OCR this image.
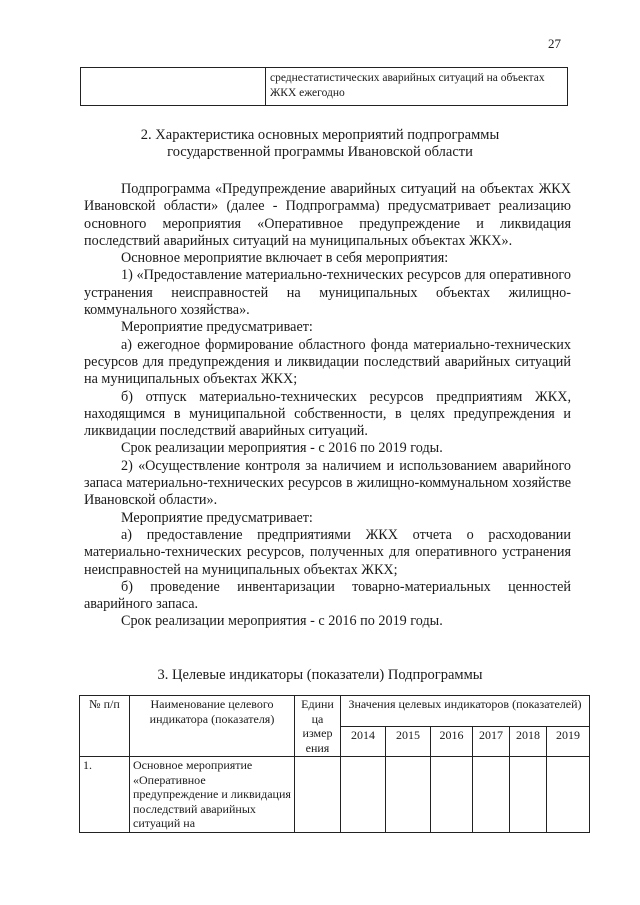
27
среднестатистических аварийных ситуаций на объектах ЖКХ ежегодно
2. Характеристика основных мероприятий подпрограммы
государственной программы Ивановской области

Подпрограмма «Предупреждение аварийных ситуаций на объектах ЖКХ Ивановской области» (далее - Подпрограмма) предусматривает реализацию основного мероприятия «Оперативное предупреждение и ликвидация последствий аварийных ситуаций на муниципальных объектах ЖКХ».

Основное мероприятие включает в себя мероприятия:

1) «Предоставление материально-технических ресурсов для оперативного устранения неисправностей на муниципальных объектах жилищно-коммунального хозяйства».

Мероприятие предусматривает:

а) ежегодное формирование областного фонда материально-технических ресурсов для предупреждения и ликвидации последствий аварийных ситуаций на муниципальных объектах ЖКХ;

б) отпуск материально-технических ресурсов предприятиям ЖКХ, находящимся в муниципальной собственности, в целях предупреждения и ликвидации последствий аварийных ситуаций.

Срок реализации мероприятия - с 2016 по 2019 годы.

2) «Осуществление контроля за наличием и использованием аварийного запаса материально-технических ресурсов в жилищно-коммунальном хозяйстве Ивановской области».

Мероприятие предусматривает:

а) предоставление предприятиями ЖКХ отчета о расходовании материально-технических ресурсов, полученных для оперативного устранения неисправностей на муниципальных объектах ЖКХ;

б) проведение инвентаризации товарно-материальных ценностей аварийного запаса.

Срок реализации мероприятия - с 2016 по 2019 годы.

3. Целевые индикаторы (показатели) Подпрограммы
№ п/п	Наименование целевого индикатора (показателя)	Едини ца измер ения	Значения целевых индикаторов (показателей)					
			2014	2015	2016	2017	2018	2019
1.	Основное мероприятие «Оперативное предупреждение и ликвидация последствий аварийных ситуаций на							
